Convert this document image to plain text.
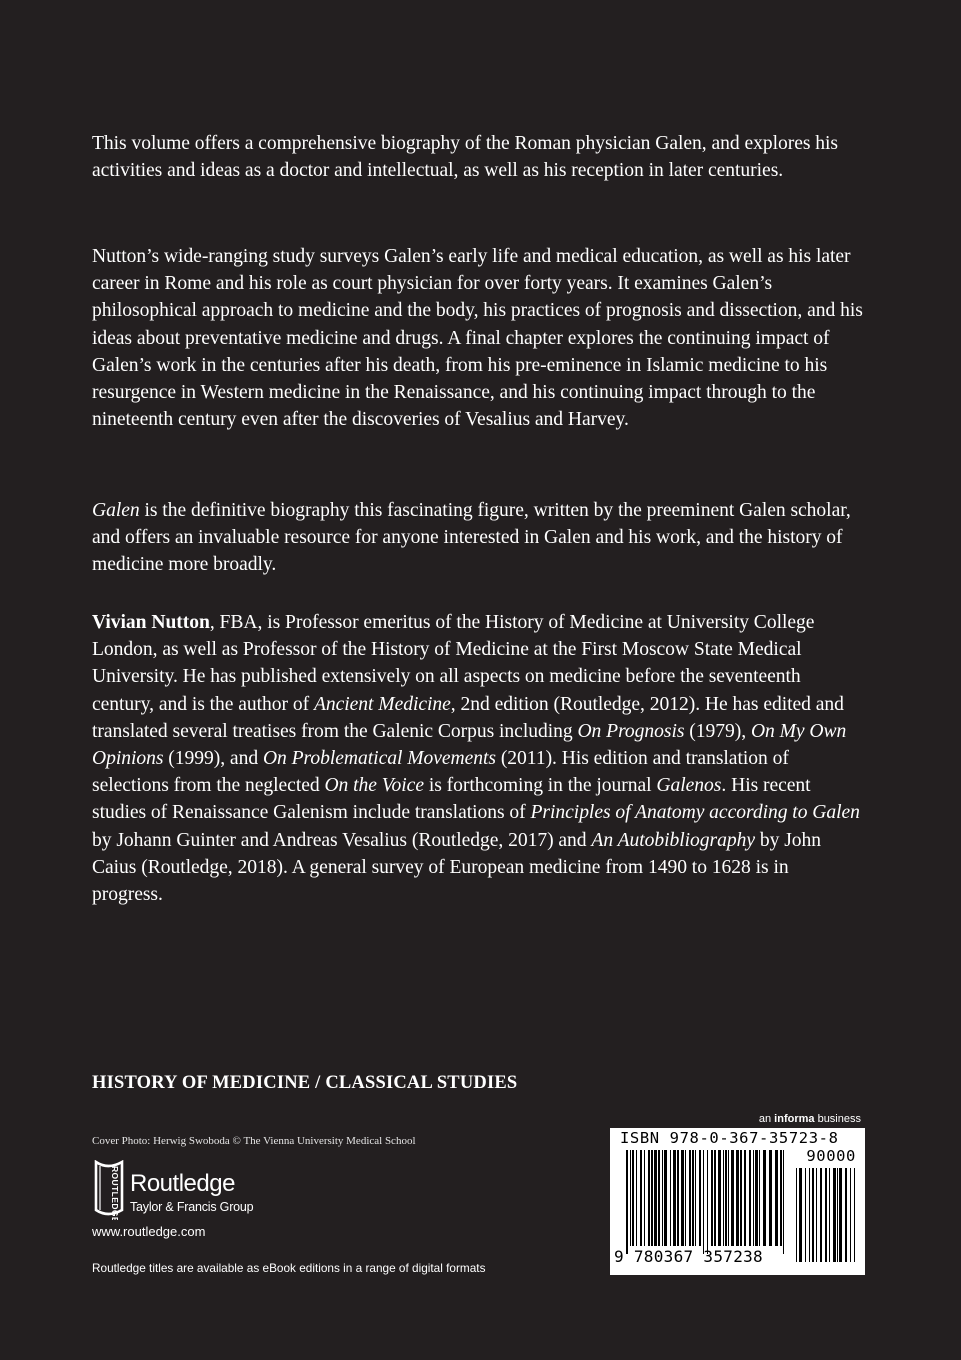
This volume offers a comprehensive biography of the Roman physician Galen, and explores his activities and ideas as a doctor and intellectual, as well as his reception in later centuries.

Nutton’s wide-ranging study surveys Galen’s early life and medical education, as well as his later career in Rome and his role as court physician for over forty years. It examines Galen’s philosophical approach to medicine and the body, his practices of prognosis and dissection, and his ideas about preventative medicine and drugs. A final chapter explores the continuing impact of Galen’s work in the centuries after his death, from his pre-eminence in Islamic medicine to his resurgence in Western medicine in the Renaissance, and his continuing impact through to the nineteenth century even after the discoveries of Vesalius and Harvey.

Galen is the definitive biography this fascinating figure, written by the preeminent Galen scholar, and offers an invaluable resource for anyone interested in Galen and his work, and the history of medicine more broadly.

Vivian Nutton, FBA, is Professor emeritus of the History of Medicine at University College London, as well as Professor of the History of Medicine at the First Moscow State Medical University. He has published extensively on all aspects on medicine before the seventeenth century, and is the author of Ancient Medicine, 2nd edition (Routledge, 2012). He has edited and translated several treatises from the Galenic Corpus including On Prognosis (1979), On My Own Opinions (1999), and On Problematical Movements (2011). His edition and translation of selections from the neglected On the Voice is forthcoming in the journal Galenos. His recent studies of Renaissance Galenism include translations of Principles of Anatomy according to Galen by Johann Guinter and Andreas Vesalius (Routledge, 2017) and An Autobibliography by John Caius (Routledge, 2018). A general survey of European medicine from 1490 to 1628 is in progress.

HISTORY OF MEDICINE / CLASSICAL STUDIES
Cover Photo: Herwig Swoboda © The Vienna University Medical School
ROUTLEDGE Routledge
Taylor & Francis Group
www.routledge.com
Routledge titles are available as eBook editions in a range of digital formats
an informa business
ISBN 978-0-367-35723-8
90000
9 780367 357238
